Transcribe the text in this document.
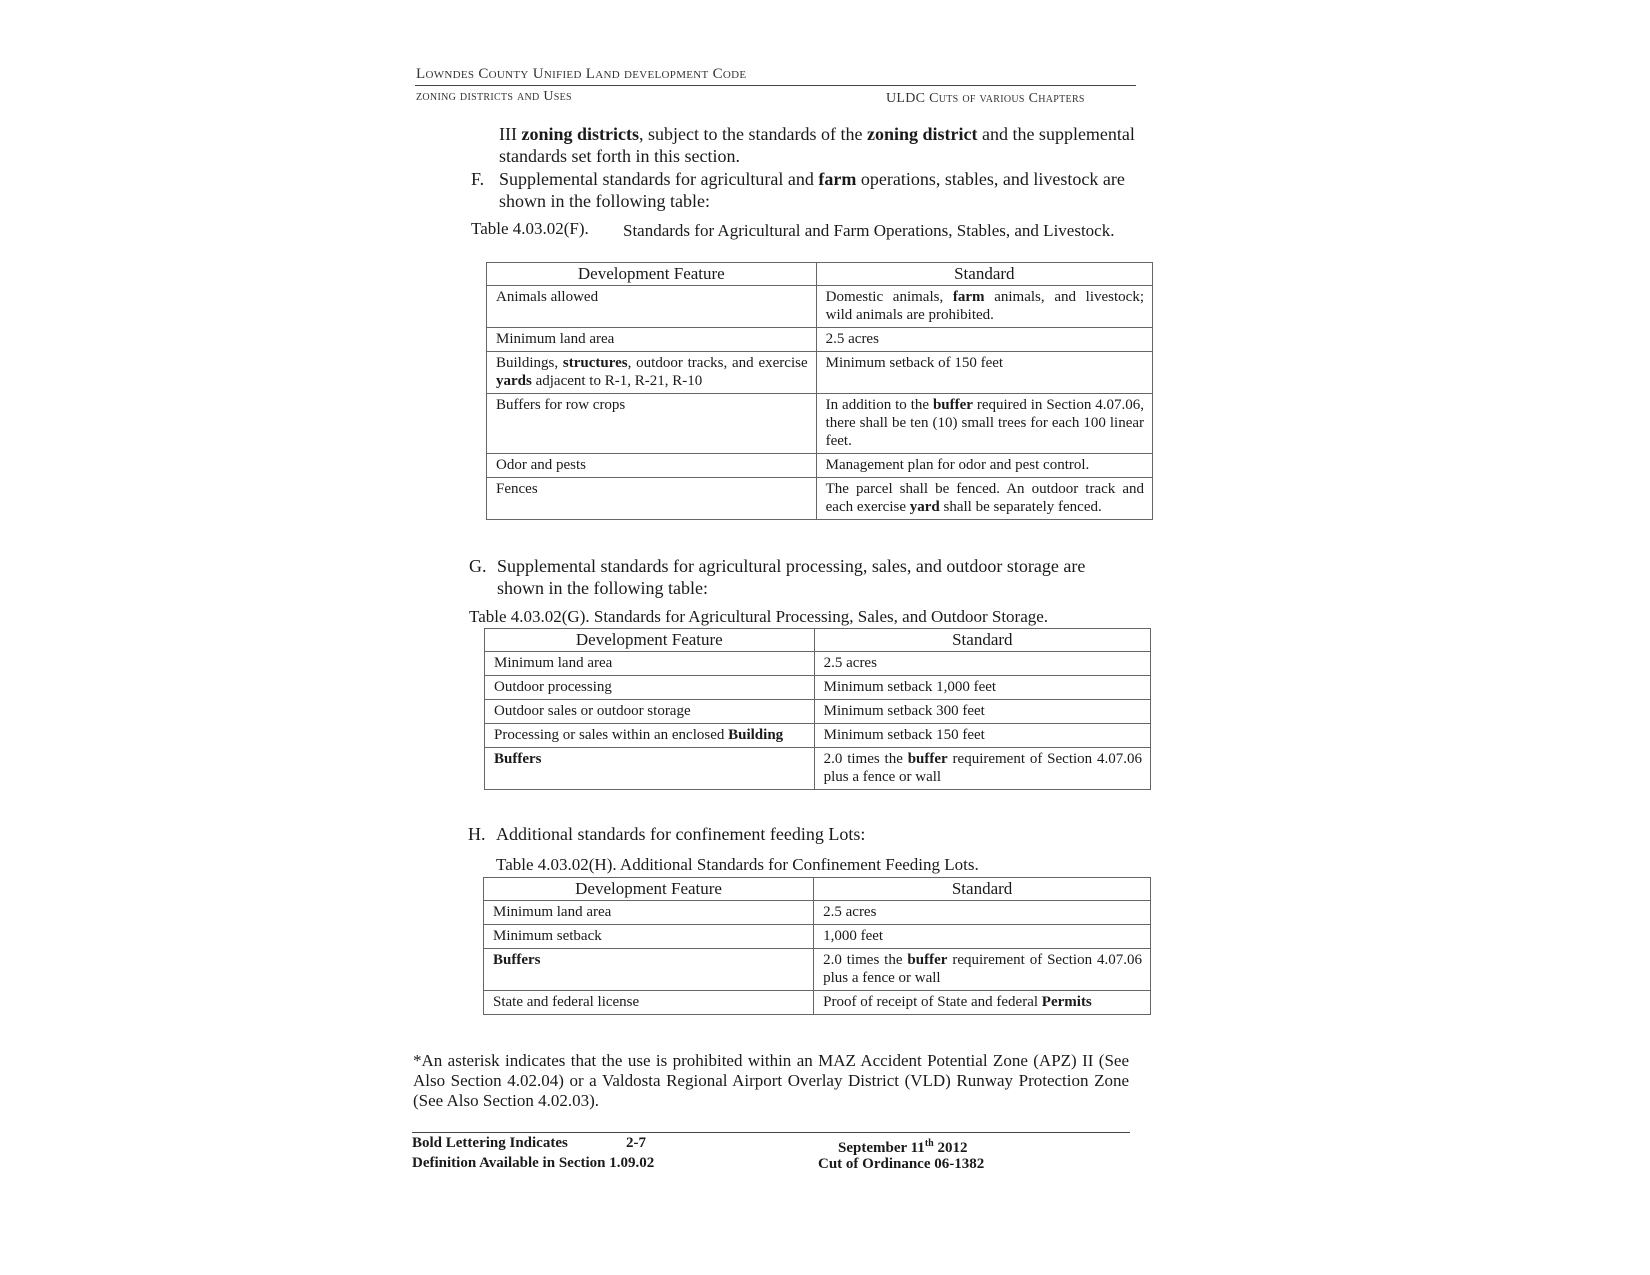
Lowndes County Unified Land development Code
zoning districts and Uses	ULDC Cuts of various Chapters
III zoning districts, subject to the standards of the zoning district and the supplemental standards set forth in this section.
F. Supplemental standards for agricultural and farm operations, stables, and livestock are shown in the following table:
Table 4.03.02(F). Standards for Agricultural and Farm Operations, Stables, and Livestock.
Development Feature	Standard
Animals allowed	Domestic animals, farm animals, and livestock; wild animals are prohibited.
Minimum land area	2.5 acres
Buildings, structures, outdoor tracks, and exercise yards adjacent to R-1, R-21, R-10	Minimum setback of 150 feet
Buffers for row crops	In addition to the buffer required in Section 4.07.06, there shall be ten (10) small trees for each 100 linear feet.
Odor and pests	Management plan for odor and pest control.
Fences	The parcel shall be fenced. An outdoor track and each exercise yard shall be separately fenced.
G. Supplemental standards for agricultural processing, sales, and outdoor storage are shown in the following table:
Table 4.03.02(G). Standards for Agricultural Processing, Sales, and Outdoor Storage.
Development Feature	Standard
Minimum land area	2.5 acres
Outdoor processing	Minimum setback 1,000 feet
Outdoor sales or outdoor storage	Minimum setback 300 feet
Processing or sales within an enclosed Building	Minimum setback 150 feet
Buffers	2.0 times the buffer requirement of Section 4.07.06 plus a fence or wall
H. Additional standards for confinement feeding Lots:
Table 4.03.02(H). Additional Standards for Confinement Feeding Lots.
Development Feature	Standard
Minimum land area	2.5 acres
Minimum setback	1,000 feet
Buffers	2.0 times the buffer requirement of Section 4.07.06 plus a fence or wall
State and federal license	Proof of receipt of State and federal Permits
*An asterisk indicates that the use is prohibited within an MAZ Accident Potential Zone (APZ) II (See Also Section 4.02.04) or a Valdosta Regional Airport Overlay District (VLD) Runway Protection Zone (See Also Section 4.02.03).
Bold Lettering Indicates	2-7
Definition Available in Section 1.09.02
September 11th 2012
Cut of Ordinance 06-1382
